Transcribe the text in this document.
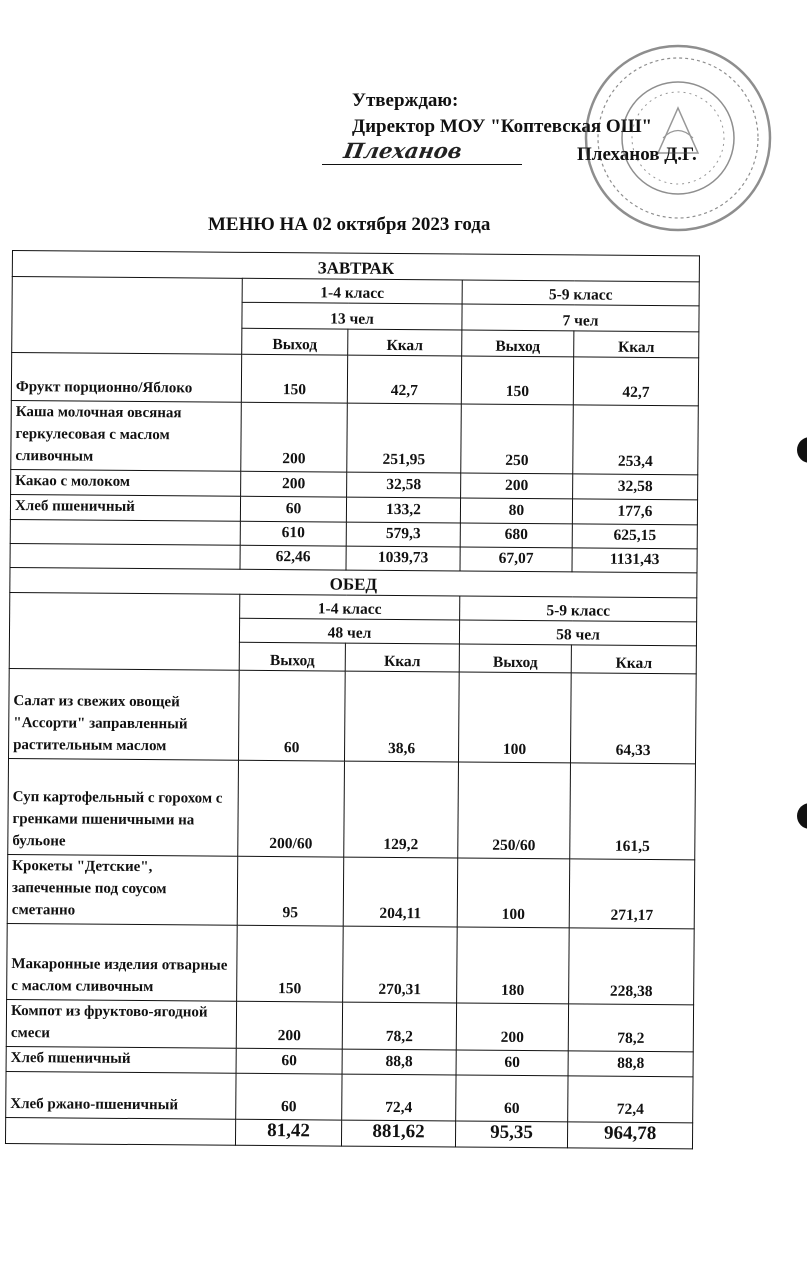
Утверждаю:
Директор МОУ "Коптевская ОШ"
Плеханов	Плеханов Д.Г.
МЕНЮ НА 02 октября 2023 года
ЗАВТРАК				
	1-4 класс		5-9 класс	
	13 чел		7 чел	
	Выход	Ккал	Выход	Ккал
Фрукт порционно/Яблоко	150	42,7	150	42,7
Каша молочная овсяная геркулесовая с маслом сливочным	200	251,95	250	253,4
Какао с молоком	200	32,58	200	32,58
Хлеб пшеничный	60	133,2	80	177,6
	610	579,3	680	625,15
	62,46	1039,73	67,07	1131,43
ОБЕД				
	1-4 класс		5-9 класс	
	48 чел		58 чел	
	Выход	Ккал	Выход	Ккал
Салат из свежих овощей "Ассорти" заправленный растительным маслом	60	38,6	100	64,33
Суп картофельный с горохом с гренками пшеничными на бульоне	200/60	129,2	250/60	161,5
Крокеты "Детские", запеченные под соусом сметанно	95	204,11	100	271,17
Макаронные изделия отварные с маслом сливочным	150	270,31	180	228,38
Компот из фруктово-ягодной смеси	200	78,2	200	78,2
Хлеб пшеничный	60	88,8	60	88,8
Хлеб ржано-пшеничный	60	72,4	60	72,4
	81,42	881,62	95,35	964,78
